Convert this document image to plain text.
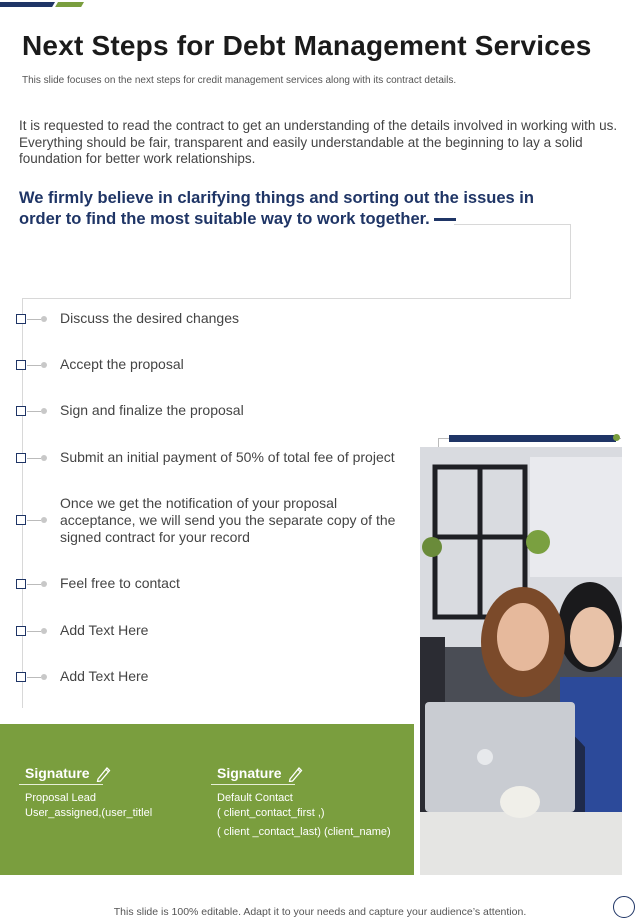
Next Steps for Debt Management Services
This slide focuses on the next steps for credit management services along with its contract details.
It is requested to read the contract to get an understanding of the details involved in working with us. Everything should be fair, transparent and easily understandable at the beginning to lay a solid foundation for better work relationships.
We firmly believe in clarifying things and sorting out the issues in order to find the most suitable way to work together.
Discuss the desired changes
Accept the proposal
Sign and finalize the proposal
Submit an initial payment of 50% of total fee of project
Once we get the notification of your proposal acceptance, we will send you the separate copy of the signed contract for your record
Feel free to contact
Add Text Here
Add Text Here
Signature
Proposal Lead
User_assigned,(user_titlel
Signature
Default Contact
( client_contact_first ,)
( client _contact_last) (client_name)
This slide is 100% editable. Adapt it to your needs and capture your audience’s attention.
